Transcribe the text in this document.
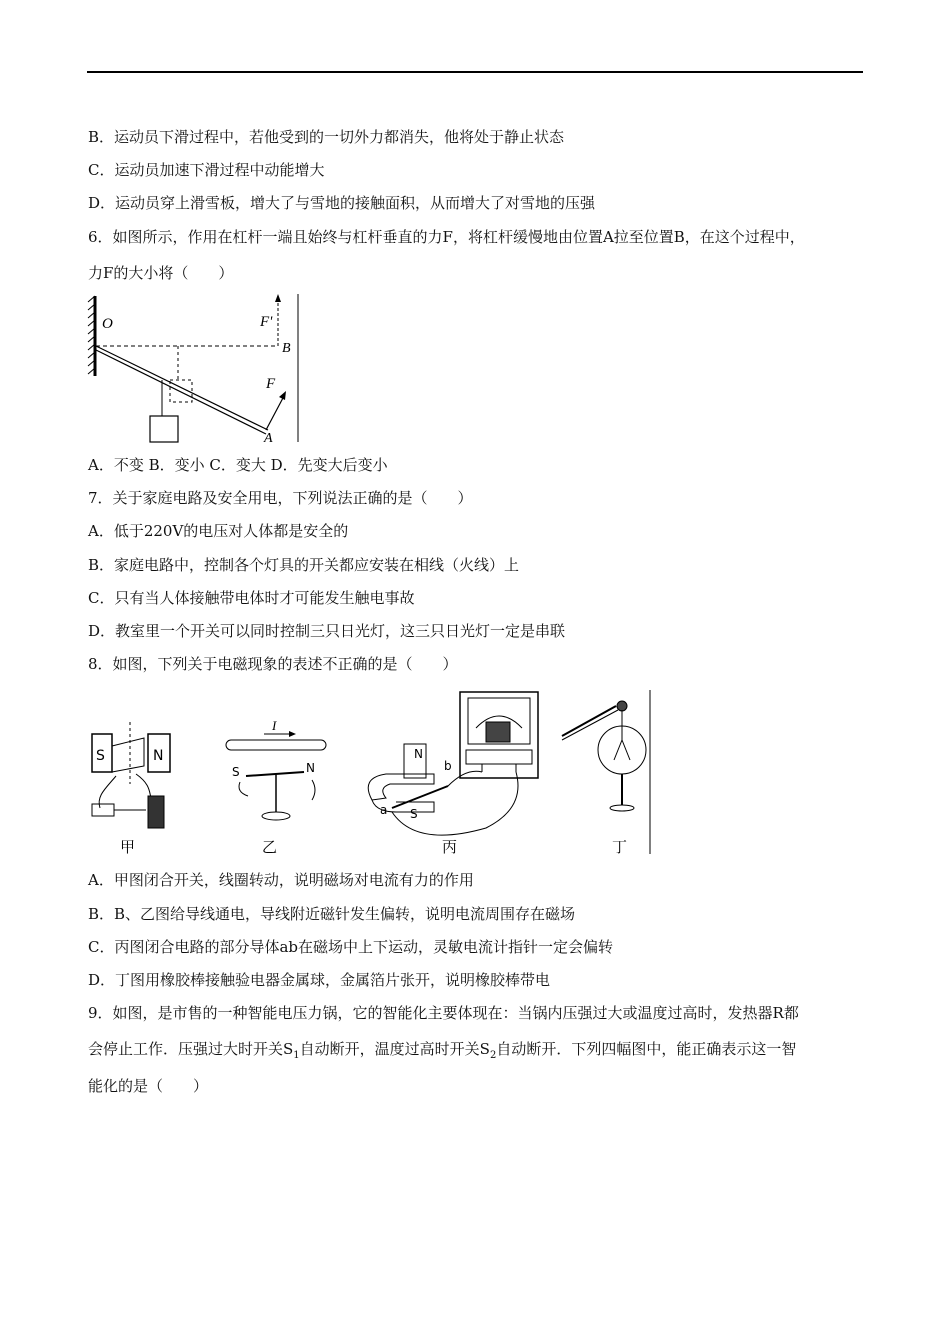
B．运动员下滑过程中，若他受到的一切外力都消失，他将处于静止状态
C．运动员加速下滑过程中动能增大
D．运动员穿上滑雪板，增大了与雪地的接触面积，从而增大了对雪地的压强
6．如图所示，作用在杠杆一端且始终与杠杆垂直的力F，将杠杆缓慢地由位置A拉至位置B，在这个过程中，
力F的大小将（　　）
O
B
A
F
F'
A．不变 B．变小 C．变大 D．先变大后变小
7．关于家庭电路及安全用电，下列说法正确的是（　　）
A．低于220V的电压对人体都是安全的
B．家庭电路中，控制各个灯具的开关都应安装在相线（火线）上
C．只有当人体接触带电体时才可能发生触电事故
D．教室里一个开关可以同时控制三只日光灯，这三只日光灯一定是串联
8．如图，下列关于电磁现象的表述不正确的是（　　）
S	N
甲
I
S	N
乙
N
S
a
b
丙	丁
A．甲图闭合开关，线圈转动，说明磁场对电流有力的作用
B．B、乙图给导线通电，导线附近磁针发生偏转，说明电流周围存在磁场
C．丙图闭合电路的部分导体ab在磁场中上下运动，灵敏电流计指针一定会偏转
D．丁图用橡胶棒接触验电器金属球，金属箔片张开，说明橡胶棒带电
9．如图，是市售的一种智能电压力锅，它的智能化主要体现在：当锅内压强过大或温度过高时，发热器R都
会停止工作．压强过大时开关$S_1$自动断开，温度过高时开关$S_2$自动断开．下列四幅图中，能正确表示这一智
能化的是（　　）
